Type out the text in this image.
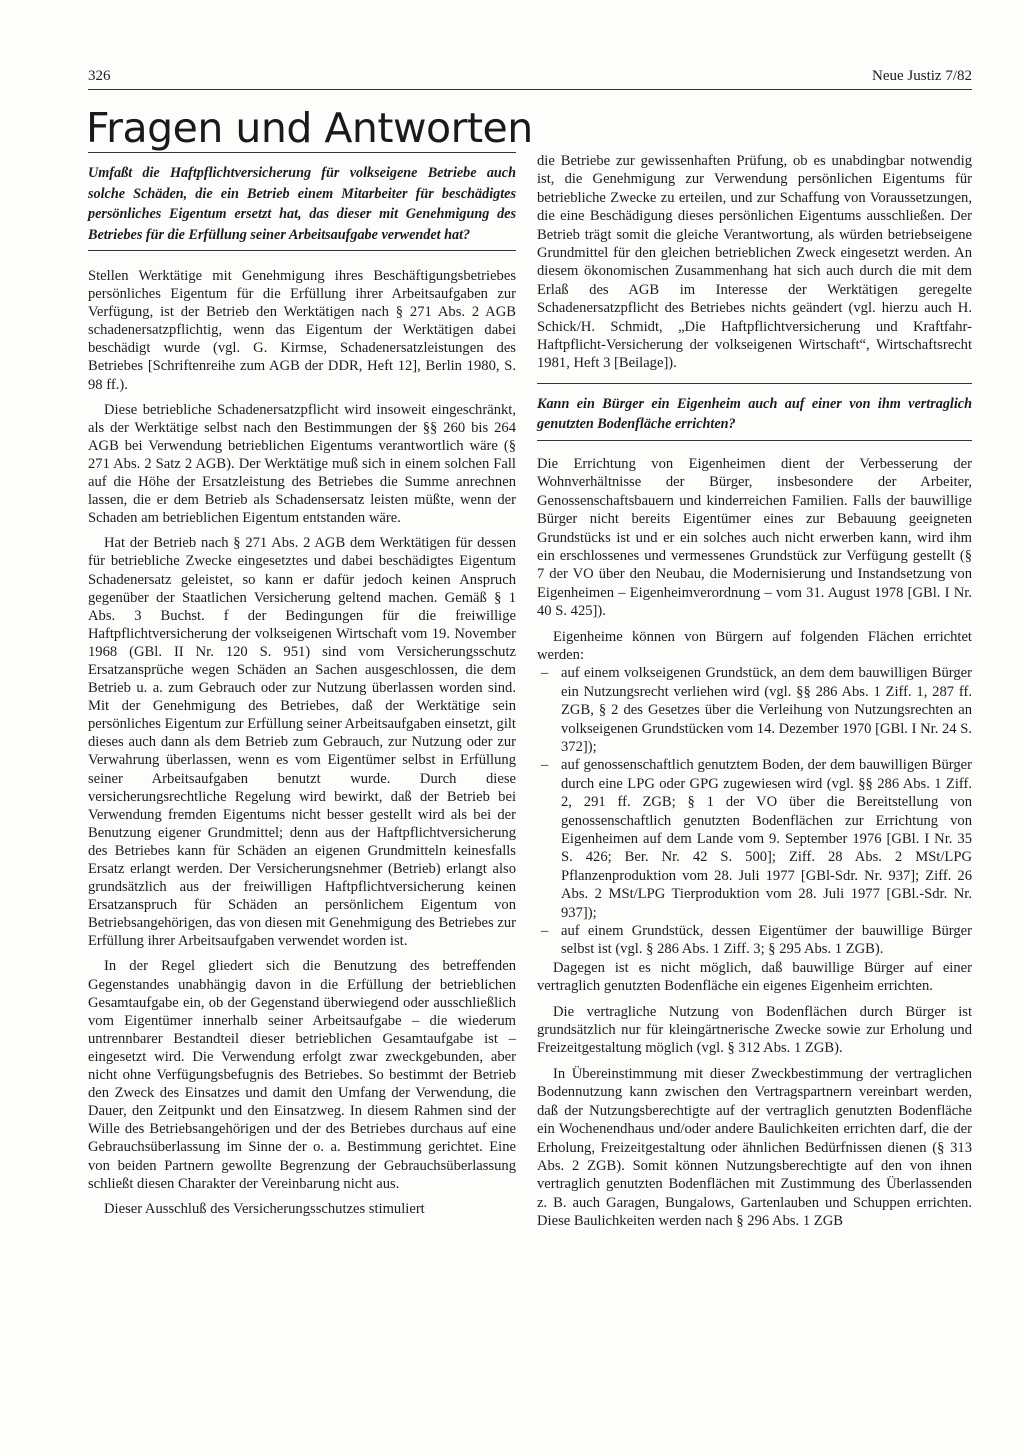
326	Neue Justiz 7/82
Fragen und Antworten
Umfaßt die Haftpflichtversicherung für volkseigene Betriebe auch solche Schäden, die ein Betrieb einem Mitarbeiter für beschädigtes persönliches Eigentum ersetzt hat, das dieser mit Genehmigung des Betriebes für die Erfüllung seiner Arbeitsaufgabe verwendet hat?

Stellen Werktätige mit Genehmigung ihres Beschäftigungsbetriebes persönliches Eigentum für die Erfüllung ihrer Arbeitsaufgaben zur Verfügung, ist der Betrieb den Werktätigen nach § 271 Abs. 2 AGB schadenersatzpflichtig, wenn das Eigentum der Werktätigen dabei beschädigt wurde (vgl. G. Kirmse, Schadenersatzleistungen des Betriebes [Schriftenreihe zum AGB der DDR, Heft 12], Berlin 1980, S. 98 ff.).

Diese betriebliche Schadenersatzpflicht wird insoweit eingeschränkt, als der Werktätige selbst nach den Bestimmungen der §§ 260 bis 264 AGB bei Verwendung betrieblichen Eigentums verantwortlich wäre (§ 271 Abs. 2 Satz 2 AGB). Der Werktätige muß sich in einem solchen Fall auf die Höhe der Ersatzleistung des Betriebes die Summe anrechnen lassen, die er dem Betrieb als Schadensersatz leisten müßte, wenn der Schaden am betrieblichen Eigentum entstanden wäre.

Hat der Betrieb nach § 271 Abs. 2 AGB dem Werktätigen für dessen für betriebliche Zwecke eingesetztes und dabei beschädigtes Eigentum Schadenersatz geleistet, so kann er dafür jedoch keinen Anspruch gegenüber der Staatlichen Versicherung geltend machen. Gemäß § 1 Abs. 3 Buchst. f der Bedingungen für die freiwillige Haftpflichtversicherung der volkseigenen Wirtschaft vom 19. November 1968 (GBl. II Nr. 120 S. 951) sind vom Versicherungsschutz Ersatzansprüche wegen Schäden an Sachen ausgeschlossen, die dem Betrieb u. a. zum Gebrauch oder zur Nutzung überlassen worden sind. Mit der Genehmigung des Betriebes, daß der Werktätige sein persönliches Eigentum zur Erfüllung seiner Arbeitsaufgaben einsetzt, gilt dieses auch dann als dem Betrieb zum Gebrauch, zur Nutzung oder zur Verwahrung überlassen, wenn es vom Eigentümer selbst in Erfüllung seiner Arbeitsaufgaben benutzt wurde. Durch diese versicherungsrechtliche Regelung wird bewirkt, daß der Betrieb bei Verwendung fremden Eigentums nicht besser gestellt wird als bei der Benutzung eigener Grundmittel; denn aus der Haftpflichtversicherung des Betriebes kann für Schäden an eigenen Grundmitteln keinesfalls Ersatz erlangt werden. Der Versicherungsnehmer (Betrieb) erlangt also grundsätzlich aus der freiwilligen Haftpflichtversicherung keinen Ersatzanspruch für Schäden an persönlichem Eigentum von Betriebsangehörigen, das von diesen mit Genehmigung des Betriebes zur Erfüllung ihrer Arbeitsaufgaben verwendet worden ist.

In der Regel gliedert sich die Benutzung des betreffenden Gegenstandes unabhängig davon in die Erfüllung der betrieblichen Gesamtaufgabe ein, ob der Gegenstand überwiegend oder ausschließlich vom Eigentümer innerhalb seiner Arbeitsaufgabe – die wiederum untrennbarer Bestandteil dieser betrieblichen Gesamtaufgabe ist – eingesetzt wird. Die Verwendung erfolgt zwar zweckgebunden, aber nicht ohne Verfügungsbefugnis des Betriebes. So bestimmt der Betrieb den Zweck des Einsatzes und damit den Umfang der Verwendung, die Dauer, den Zeitpunkt und den Einsatzweg. In diesem Rahmen sind der Wille des Betriebsangehörigen und der des Betriebes durchaus auf eine Gebrauchsüberlassung im Sinne der o. a. Bestimmung gerichtet. Eine von beiden Partnern gewollte Begrenzung der Gebrauchsüberlassung schließt diesen Charakter der Vereinbarung nicht aus.

Dieser Ausschluß des Versicherungsschutzes stimuliert

die Betriebe zur gewissenhaften Prüfung, ob es unabdingbar notwendig ist, die Genehmigung zur Verwendung persönlichen Eigentums für betriebliche Zwecke zu erteilen, und zur Schaffung von Voraussetzungen, die eine Beschädigung dieses persönlichen Eigentums ausschließen. Der Betrieb trägt somit die gleiche Verantwortung, als würden betriebseigene Grundmittel für den gleichen betrieblichen Zweck eingesetzt werden. An diesem ökonomischen Zusammenhang hat sich auch durch die mit dem Erlaß des AGB im Interesse der Werktätigen geregelte Schadenersatzpflicht des Betriebes nichts geändert (vgl. hierzu auch H. Schick/H. Schmidt, „Die Haftpflichtversicherung und Kraftfahr-Haftpflicht-Versicherung der volkseigenen Wirtschaft“, Wirtschaftsrecht 1981, Heft 3 [Beilage]).

Kann ein Bürger ein Eigenheim auch auf einer von ihm vertraglich genutzten Bodenfläche errichten?

Die Errichtung von Eigenheimen dient der Verbesserung der Wohnverhältnisse der Bürger, insbesondere der Arbeiter, Genossenschaftsbauern und kinderreichen Familien. Falls der bauwillige Bürger nicht bereits Eigentümer eines zur Bebauung geeigneten Grundstücks ist und er ein solches auch nicht erwerben kann, wird ihm ein erschlossenes und vermessenes Grundstück zur Verfügung gestellt (§ 7 der VO über den Neubau, die Modernisierung und Instandsetzung von Eigenheimen – Eigenheimverordnung – vom 31. August 1978 [GBl. I Nr. 40 S. 425]).

Eigenheime können von Bürgern auf folgenden Flächen errichtet werden:

– auf einem volkseigenen Grundstück, an dem dem bauwilligen Bürger ein Nutzungsrecht verliehen wird (vgl. §§ 286 Abs. 1 Ziff. 1, 287 ff. ZGB, § 2 des Gesetzes über die Verleihung von Nutzungsrechten an volkseigenen Grundstücken vom 14. Dezember 1970 [GBl. I Nr. 24 S. 372]);
– auf genossenschaftlich genutztem Boden, der dem bauwilligen Bürger durch eine LPG oder GPG zugewiesen wird (vgl. §§ 286 Abs. 1 Ziff. 2, 291 ff. ZGB; § 1 der VO über die Bereitstellung von genossenschaftlich genutzten Bodenflächen zur Errichtung von Eigenheimen auf dem Lande vom 9. September 1976 [GBl. I Nr. 35 S. 426; Ber. Nr. 42 S. 500]; Ziff. 28 Abs. 2 MSt/LPG Pflanzenproduktion vom 28. Juli 1977 [GBl-Sdr. Nr. 937]; Ziff. 26 Abs. 2 MSt/LPG Tierproduktion vom 28. Juli 1977 [GBl.-Sdr. Nr. 937]);
– auf einem Grundstück, dessen Eigentümer der bauwillige Bürger selbst ist (vgl. § 286 Abs. 1 Ziff. 3; § 295 Abs. 1 ZGB).

Dagegen ist es nicht möglich, daß bauwillige Bürger auf einer vertraglich genutzten Bodenfläche ein eigenes Eigenheim errichten.

Die vertragliche Nutzung von Bodenflächen durch Bürger ist grundsätzlich nur für kleingärtnerische Zwecke sowie zur Erholung und Freizeitgestaltung möglich (vgl. § 312 Abs. 1 ZGB).

In Übereinstimmung mit dieser Zweckbestimmung der vertraglichen Bodennutzung kann zwischen den Vertragspartnern vereinbart werden, daß der Nutzungsberechtigte auf der vertraglich genutzten Bodenfläche ein Wochenendhaus und/oder andere Baulichkeiten errichten darf, die der Erholung, Freizeitgestaltung oder ähnlichen Bedürfnissen dienen (§ 313 Abs. 2 ZGB). Somit können Nutzungsberechtigte auf den von ihnen vertraglich genutzten Bodenflächen mit Zustimmung des Überlassenden z. B. auch Garagen, Bungalows, Gartenlauben und Schuppen errichten. Diese Baulichkeiten werden nach § 296 Abs. 1 ZGB
